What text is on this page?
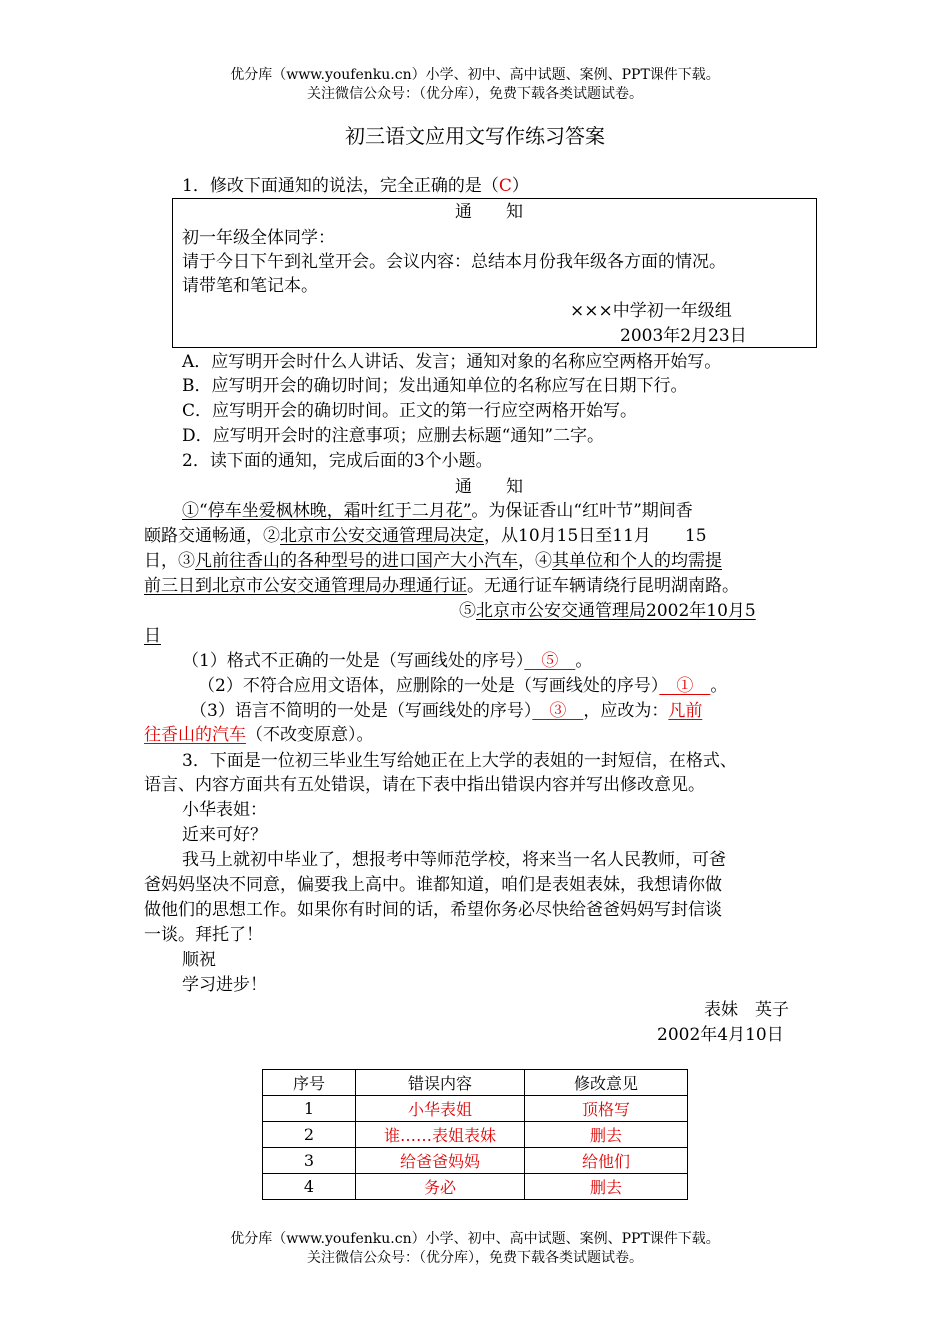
优分库（www.youfenku.cn）小学、初中、高中试题、案例、PPT课件下载。
关注微信公众号：（优分库），免费下载各类试题试卷。
初三语文应用文写作练习答案
1．修改下面通知的说法，完全正确的是（C）
通　　知
初一年级全体同学：
请于今日下午到礼堂开会。会议内容：总结本月份我年级各方面的情况。
请带笔和笔记本。
×××中学初一年级组
2003年2月23日
A．应写明开会时什么人讲话、发言；通知对象的名称应空两格开始写。
B．应写明开会的确切时间；发出通知单位的名称应写在日期下行。
C．应写明开会的确切时间。正文的第一行应空两格开始写。
D．应写明开会时的注意事项；应删去标题“通知”二字。
2．读下面的通知，完成后面的3个小题。
通　　知
①“停车坐爱枫林晚，霜叶红于二月花”。为保证香山“红叶节”期间香
颐路交通畅通，②北京市公安交通管理局决定，从10月15日至11月　　15
日，③凡前往香山的各种型号的进口国产大小汽车，④其单位和个人的均需提
前三日到北京市公安交通管理局办理通行证。无通行证车辆请绕行昆明湖南路。
⑤北京市公安交通管理局2002年10月5
日
（1）格式不正确的一处是（写画线处的序号）　⑤　。
（2）不符合应用文语体，应删除的一处是（写画线处的序号）　①　。
（3）语言不简明的一处是（写画线处的序号）　③　，应改为：凡前
往香山的汽车（不改变原意）。
3．下面是一位初三毕业生写给她正在上大学的表姐的一封短信，在格式、
语言、内容方面共有五处错误，请在下表中指出错误内容并写出修改意见。
小华表姐：
近来可好？
我马上就初中毕业了，想报考中等师范学校，将来当一名人民教师，可爸
爸妈妈坚决不同意，偏要我上高中。谁都知道，咱们是表姐表妹，我想请你做
做他们的思想工作。如果你有时间的话，希望你务必尽快给爸爸妈妈写封信谈
一谈。拜托了！
顺祝
学习进步！
表妹　英子
2002年4月10日
序号	错误内容	修改意见
1	小华表姐	顶格写
2	谁……表姐表妹	删去
3	给爸爸妈妈	给他们
4	务必	删去
优分库（www.youfenku.cn）小学、初中、高中试题、案例、PPT课件下载。
关注微信公众号：（优分库），免费下载各类试题试卷。
